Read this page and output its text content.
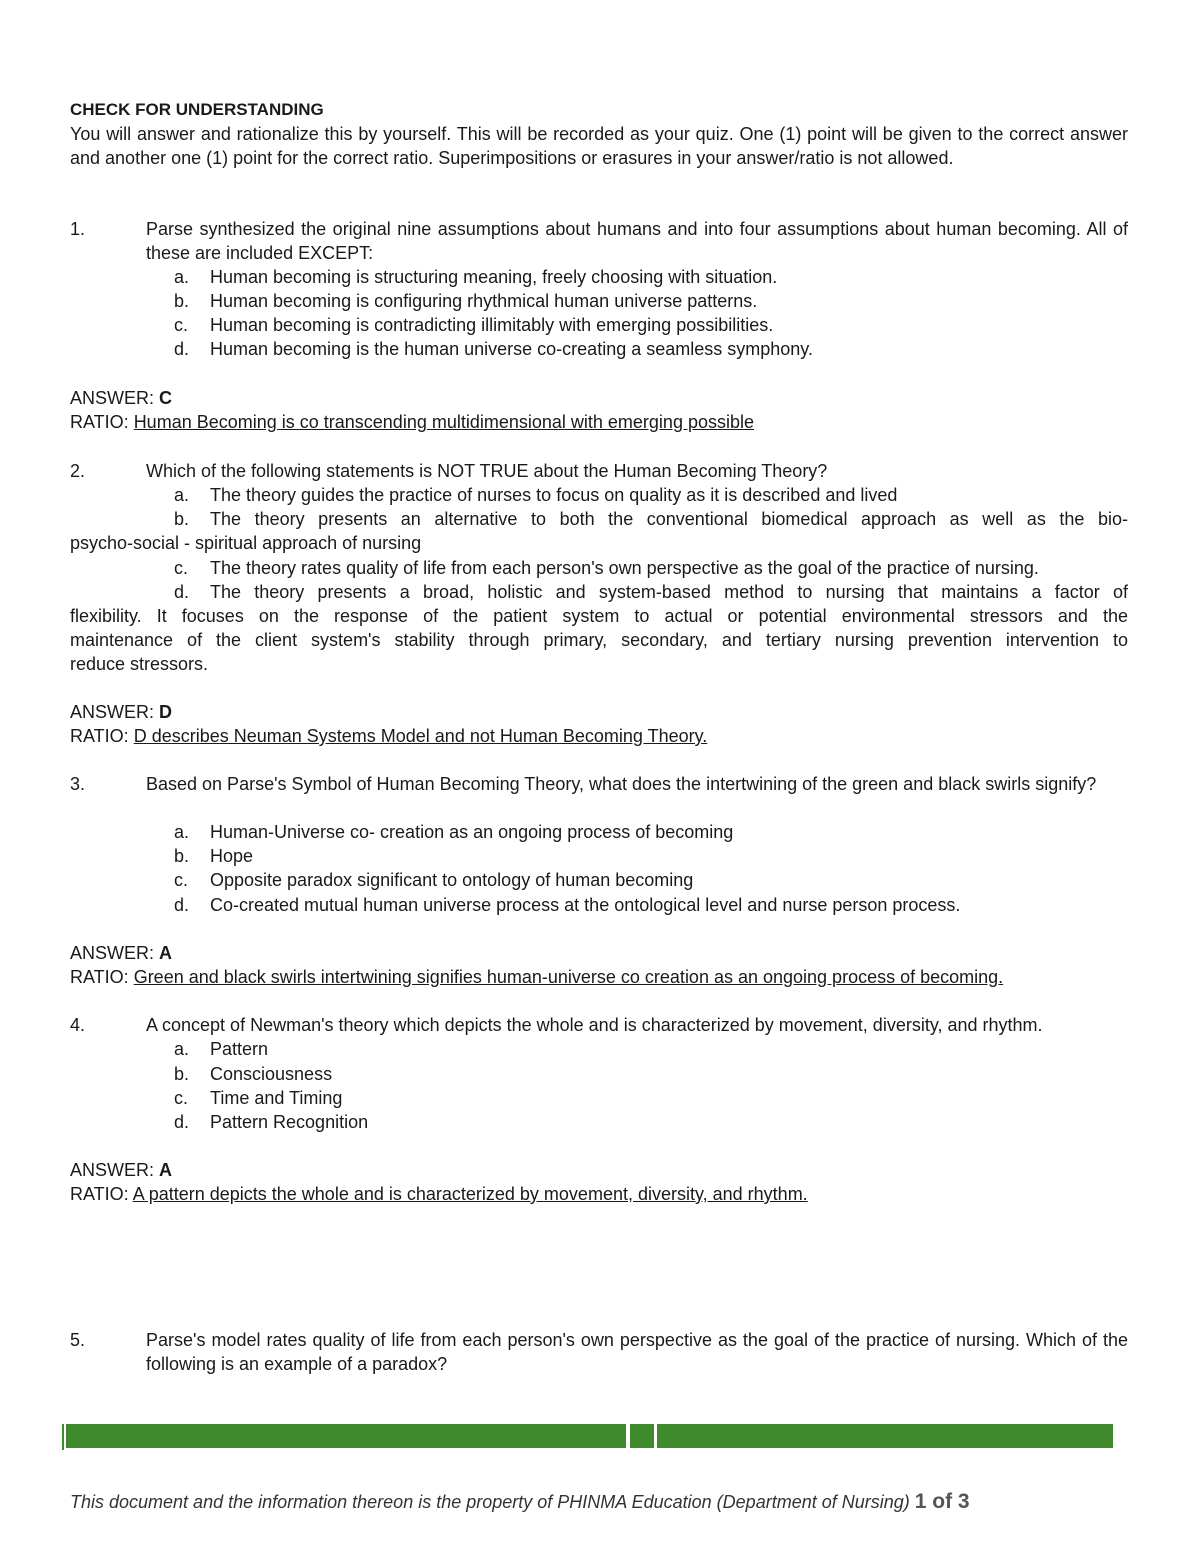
CHECK FOR UNDERSTANDING
You will answer and rationalize this by yourself. This will be recorded as your quiz. One (1) point will be given to the correct answer and another one (1) point for the correct ratio. Superimpositions or erasures in your answer/ratio is not allowed.
1.	Parse synthesized the original nine assumptions about humans and into four assumptions about human becoming. All of these are included EXCEPT:
a. Human becoming is structuring meaning, freely choosing with situation.
b. Human becoming is configuring rhythmical human universe patterns.
c. Human becoming is contradicting illimitably with emerging possibilities.
d. Human becoming is the human universe co-creating a seamless symphony.
ANSWER: C
RATIO: Human Becoming is co transcending multidimensional with emerging possible
2.	Which of the following statements is NOT TRUE about the Human Becoming Theory?
a. The theory guides the practice of nurses to focus on quality as it is described and lived
b. The theory presents an alternative to both the conventional biomedical approach as well as the bio-
psycho-social - spiritual approach of nursing
c. The theory rates quality of life from each person's own perspective as the goal of the practice of nursing.
d. The theory presents a broad, holistic and system-based method to nursing that maintains a factor of
flexibility. It focuses on the response of the patient system to actual or potential environmental stressors and the
maintenance of the client system's stability through primary, secondary, and tertiary nursing prevention intervention to
reduce stressors.
ANSWER: D
RATIO: D describes Neuman Systems Model and not Human Becoming Theory.
3.	Based on Parse's Symbol of Human Becoming Theory, what does the intertwining of the green and black swirls signify?
a. Human-Universe co- creation as an ongoing process of becoming
b. Hope
c. Opposite paradox significant to ontology of human becoming
d. Co-created mutual human universe process at the ontological level and nurse person process.
ANSWER: A
RATIO: Green and black swirls intertwining signifies human-universe co creation as an ongoing process of becoming.
4.	A concept of Newman's theory which depicts the whole and is characterized by movement, diversity, and rhythm.
a. Pattern
b. Consciousness
c. Time and Timing
d. Pattern Recognition
ANSWER: A
RATIO: A pattern depicts the whole and is characterized by movement, diversity, and rhythm.
5.	Parse's model rates quality of life from each person's own perspective as the goal of the practice of nursing. Which of the following is an example of a paradox?
This document and the information thereon is the property of PHINMA Education (Department of Nursing) 1 of 3
